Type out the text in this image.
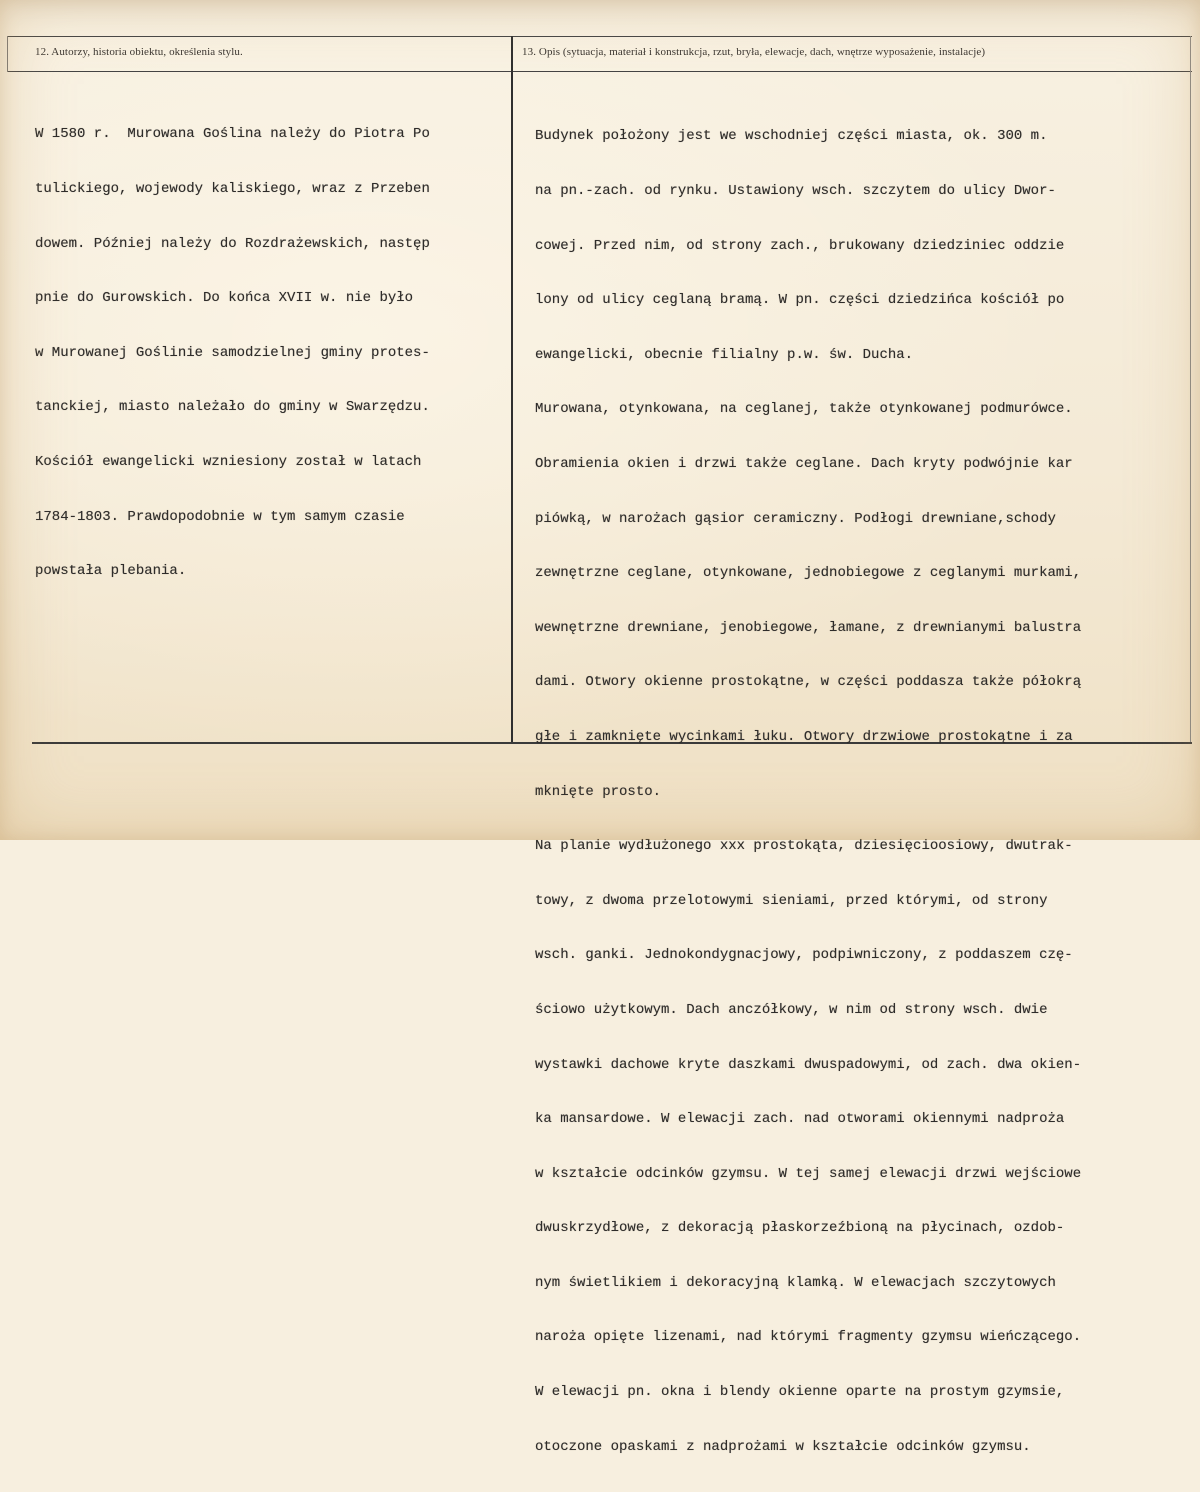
12. Autorzy, historia obiektu, określenia stylu.	13. Opis (sytuacja, materiał i konstrukcja, rzut, bryła, elewacje, dach, wnętrze wyposażenie, instalacje)

W 1580 r.  Murowana Goślina należy do Piotra Po

tulickiego, wojewody kaliskiego, wraz z Przeben

dowem. Później należy do Rozdrażewskich, następ

pnie do Gurowskich. Do końca XVII w. nie było

w Murowanej Goślinie samodzielnej gminy protes-

tanckiej, miasto należało do gminy w Swarzędzu.

Kościół ewangelicki wzniesiony został w latach

1784-1803. Prawdopodobnie w tym samym czasie

powstała plebania.

Budynek położony jest we wschodniej części miasta, ok. 300 m.

na pn.-zach. od rynku. Ustawiony wsch. szczytem do ulicy Dwor-

cowej. Przed nim, od strony zach., brukowany dziedziniec oddzie

lony od ulicy ceglaną bramą. W pn. części dziedzińca kościół po

ewangelicki, obecnie filialny p.w. św. Ducha.

Murowana, otynkowana, na ceglanej, także otynkowanej podmurówce.

Obramienia okien i drzwi także ceglane. Dach kryty podwójnie kar

piówką, w narożach gąsior ceramiczny. Podłogi drewniane,schody

zewnętrzne ceglane, otynkowane, jednobiegowe z ceglanymi murkami,

wewnętrzne drewniane, jenobiegowe, łamane, z drewnianymi balustra

dami. Otwory okienne prostokątne, w części poddasza także półokrą

głe i zamknięte wycinkami łuku. Otwory drzwiowe prostokątne i za

mknięte prosto.

Na planie wydłużonego xxx prostokąta, dziesięcioosiowy, dwutrak-

towy, z dwoma przelotowymi sieniami, przed którymi, od strony

wsch. ganki. Jednokondygnacjowy, podpiwniczony, z poddaszem czę-

ściowo użytkowym. Dach anczółkowy, w nim od strony wsch. dwie

wystawki dachowe kryte daszkami dwuspadowymi, od zach. dwa okien-

ka mansardowe. W elewacji zach. nad otworami okiennymi nadproża

w kształcie odcinków gzymsu. W tej samej elewacji drzwi wejściowe

dwuskrzydłowe, z dekoracją płaskorzeźbioną na płycinach, ozdob-

nym świetlikiem i dekoracyjną klamką. W elewacjach szczytowych

naroża opięte lizenami, nad którymi fragmenty gzymsu wieńczącego.

W elewacji pn. okna i blendy okienne oparte na prostym gzymsie,

otoczone opaskami z nadprożami w kształcie odcinków gzymsu.
